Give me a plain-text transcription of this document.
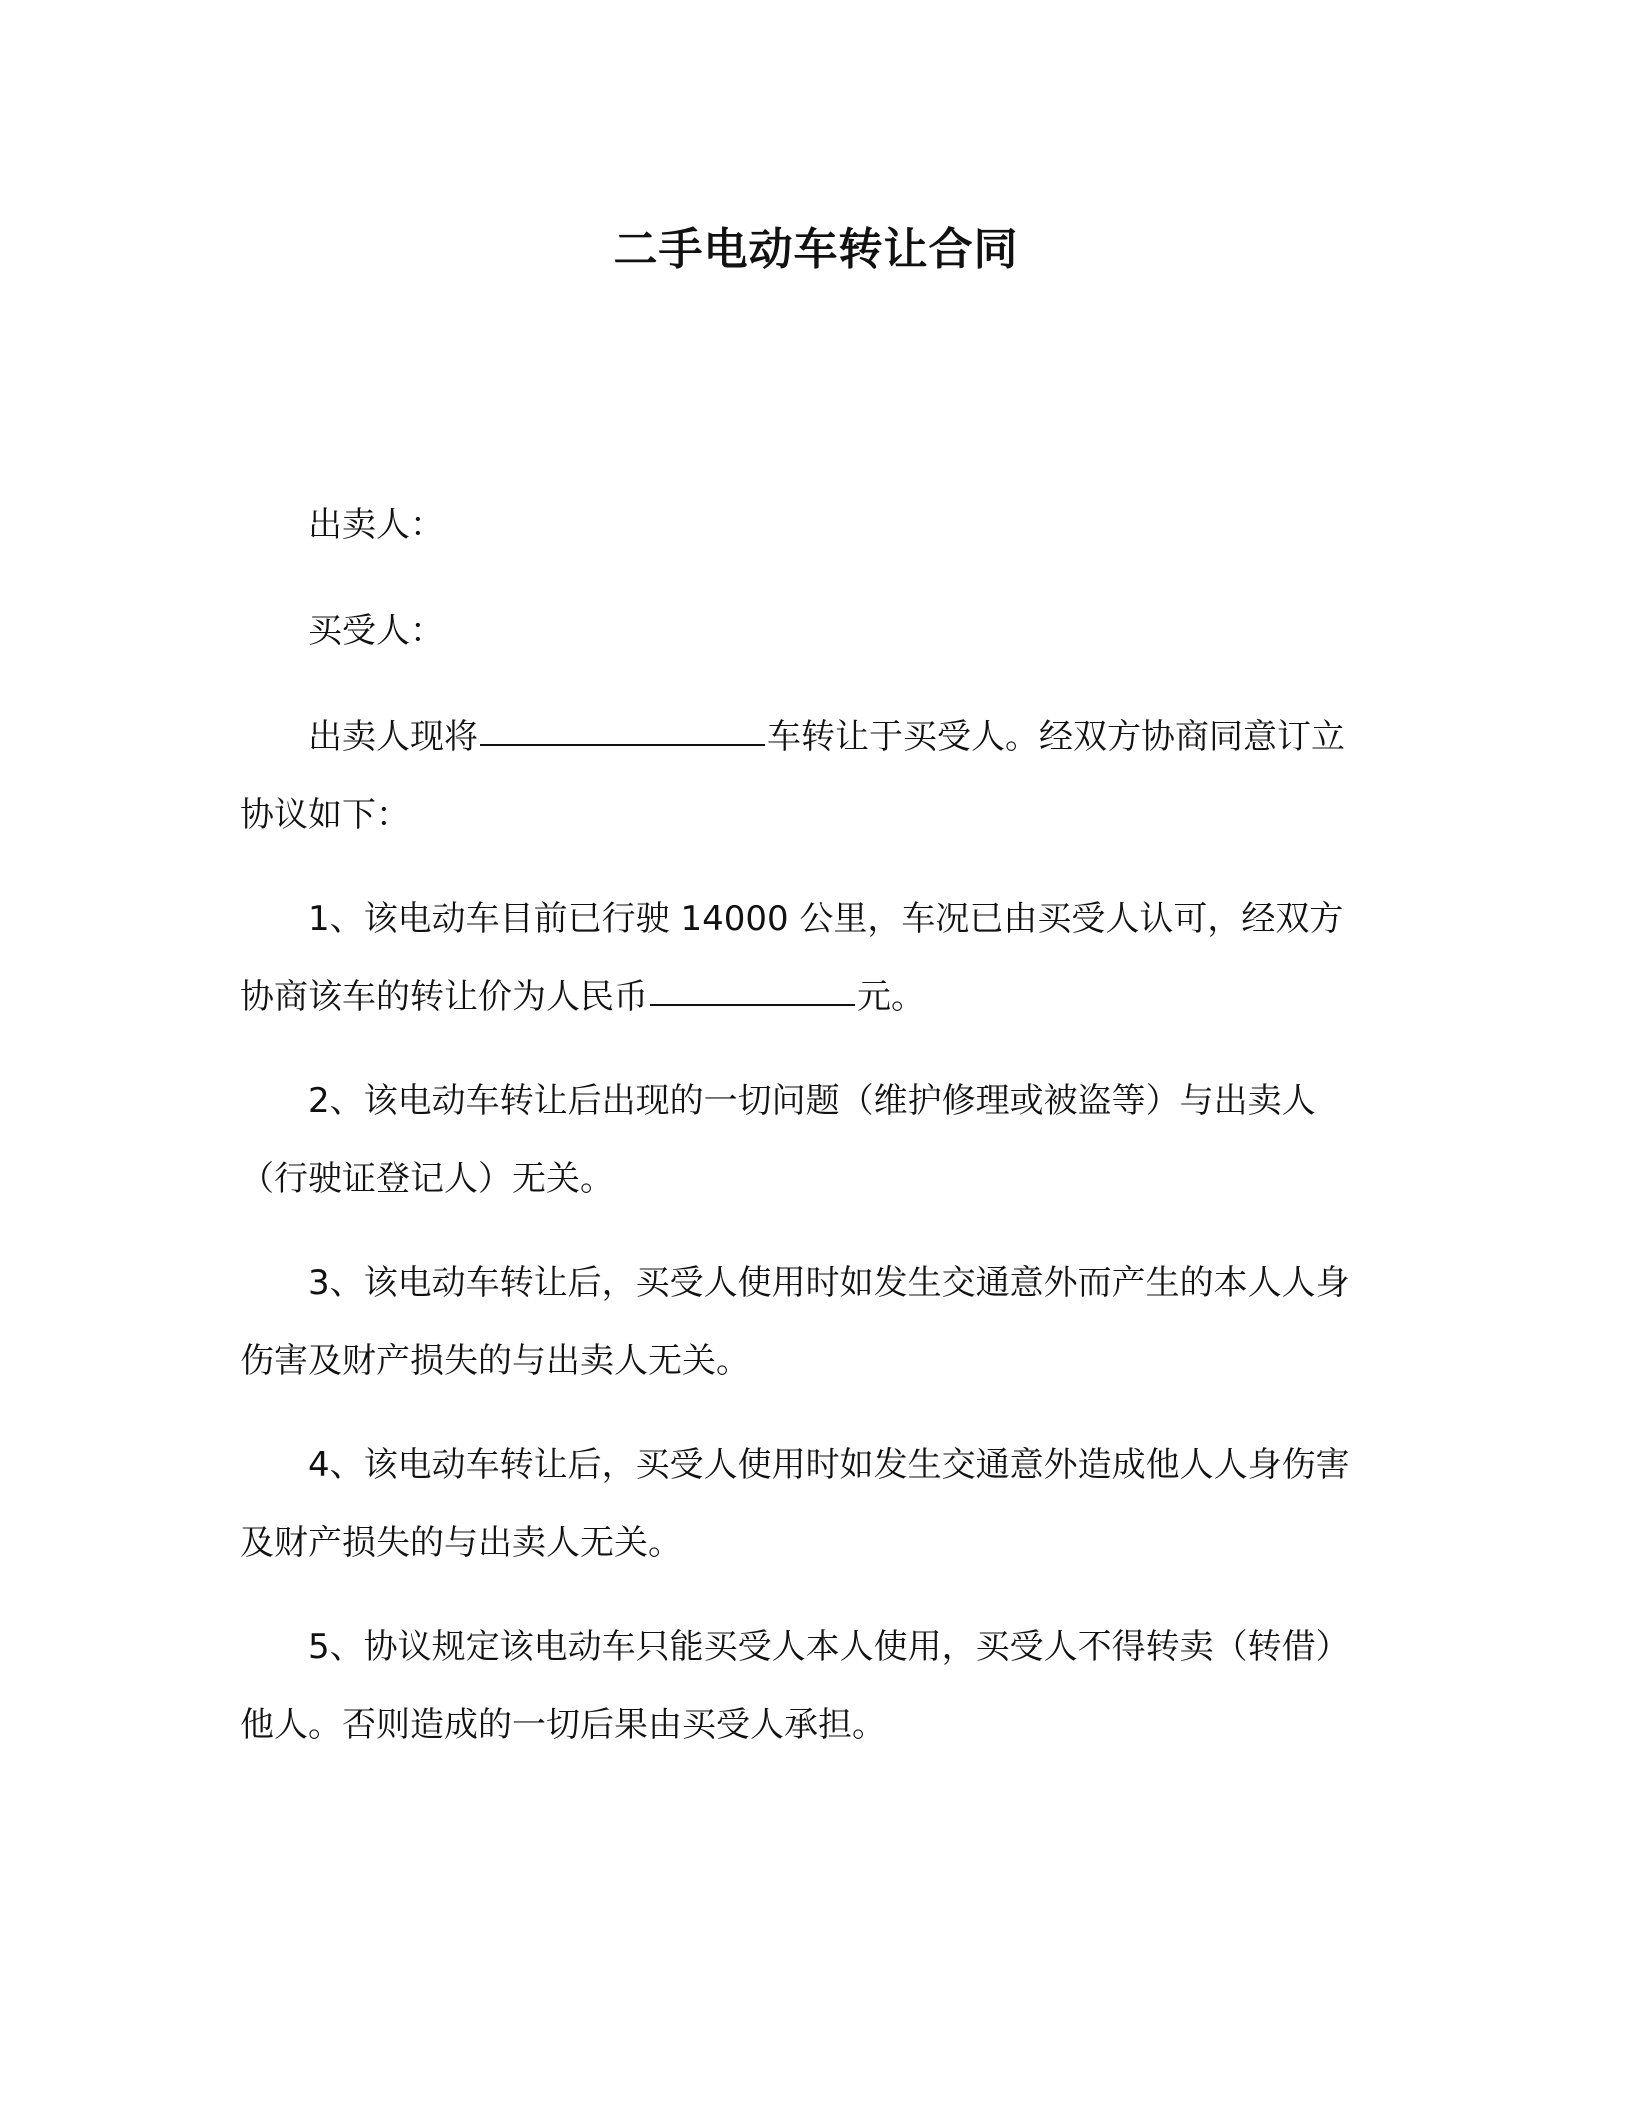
二手电动车转让合同

出卖人：

买受人：

出卖人现将	车转让于买受人。经双方协商同意订立协议如下：

1、该电动车目前已行驶 14000 公里，车况已由买受人认可，经双方协商该车的转让价为人民币	元。

2、该电动车转让后出现的一切问题（维护修理或被盗等）与出卖人（行驶证登记人）无关。

3、该电动车转让后，买受人使用时如发生交通意外而产生的本人人身伤害及财产损失的与出卖人无关。

4、该电动车转让后，买受人使用时如发生交通意外造成他人人身伤害及财产损失的与出卖人无关。

5、协议规定该电动车只能买受人本人使用，买受人不得转卖（转借）他人。否则造成的一切后果由买受人承担。
